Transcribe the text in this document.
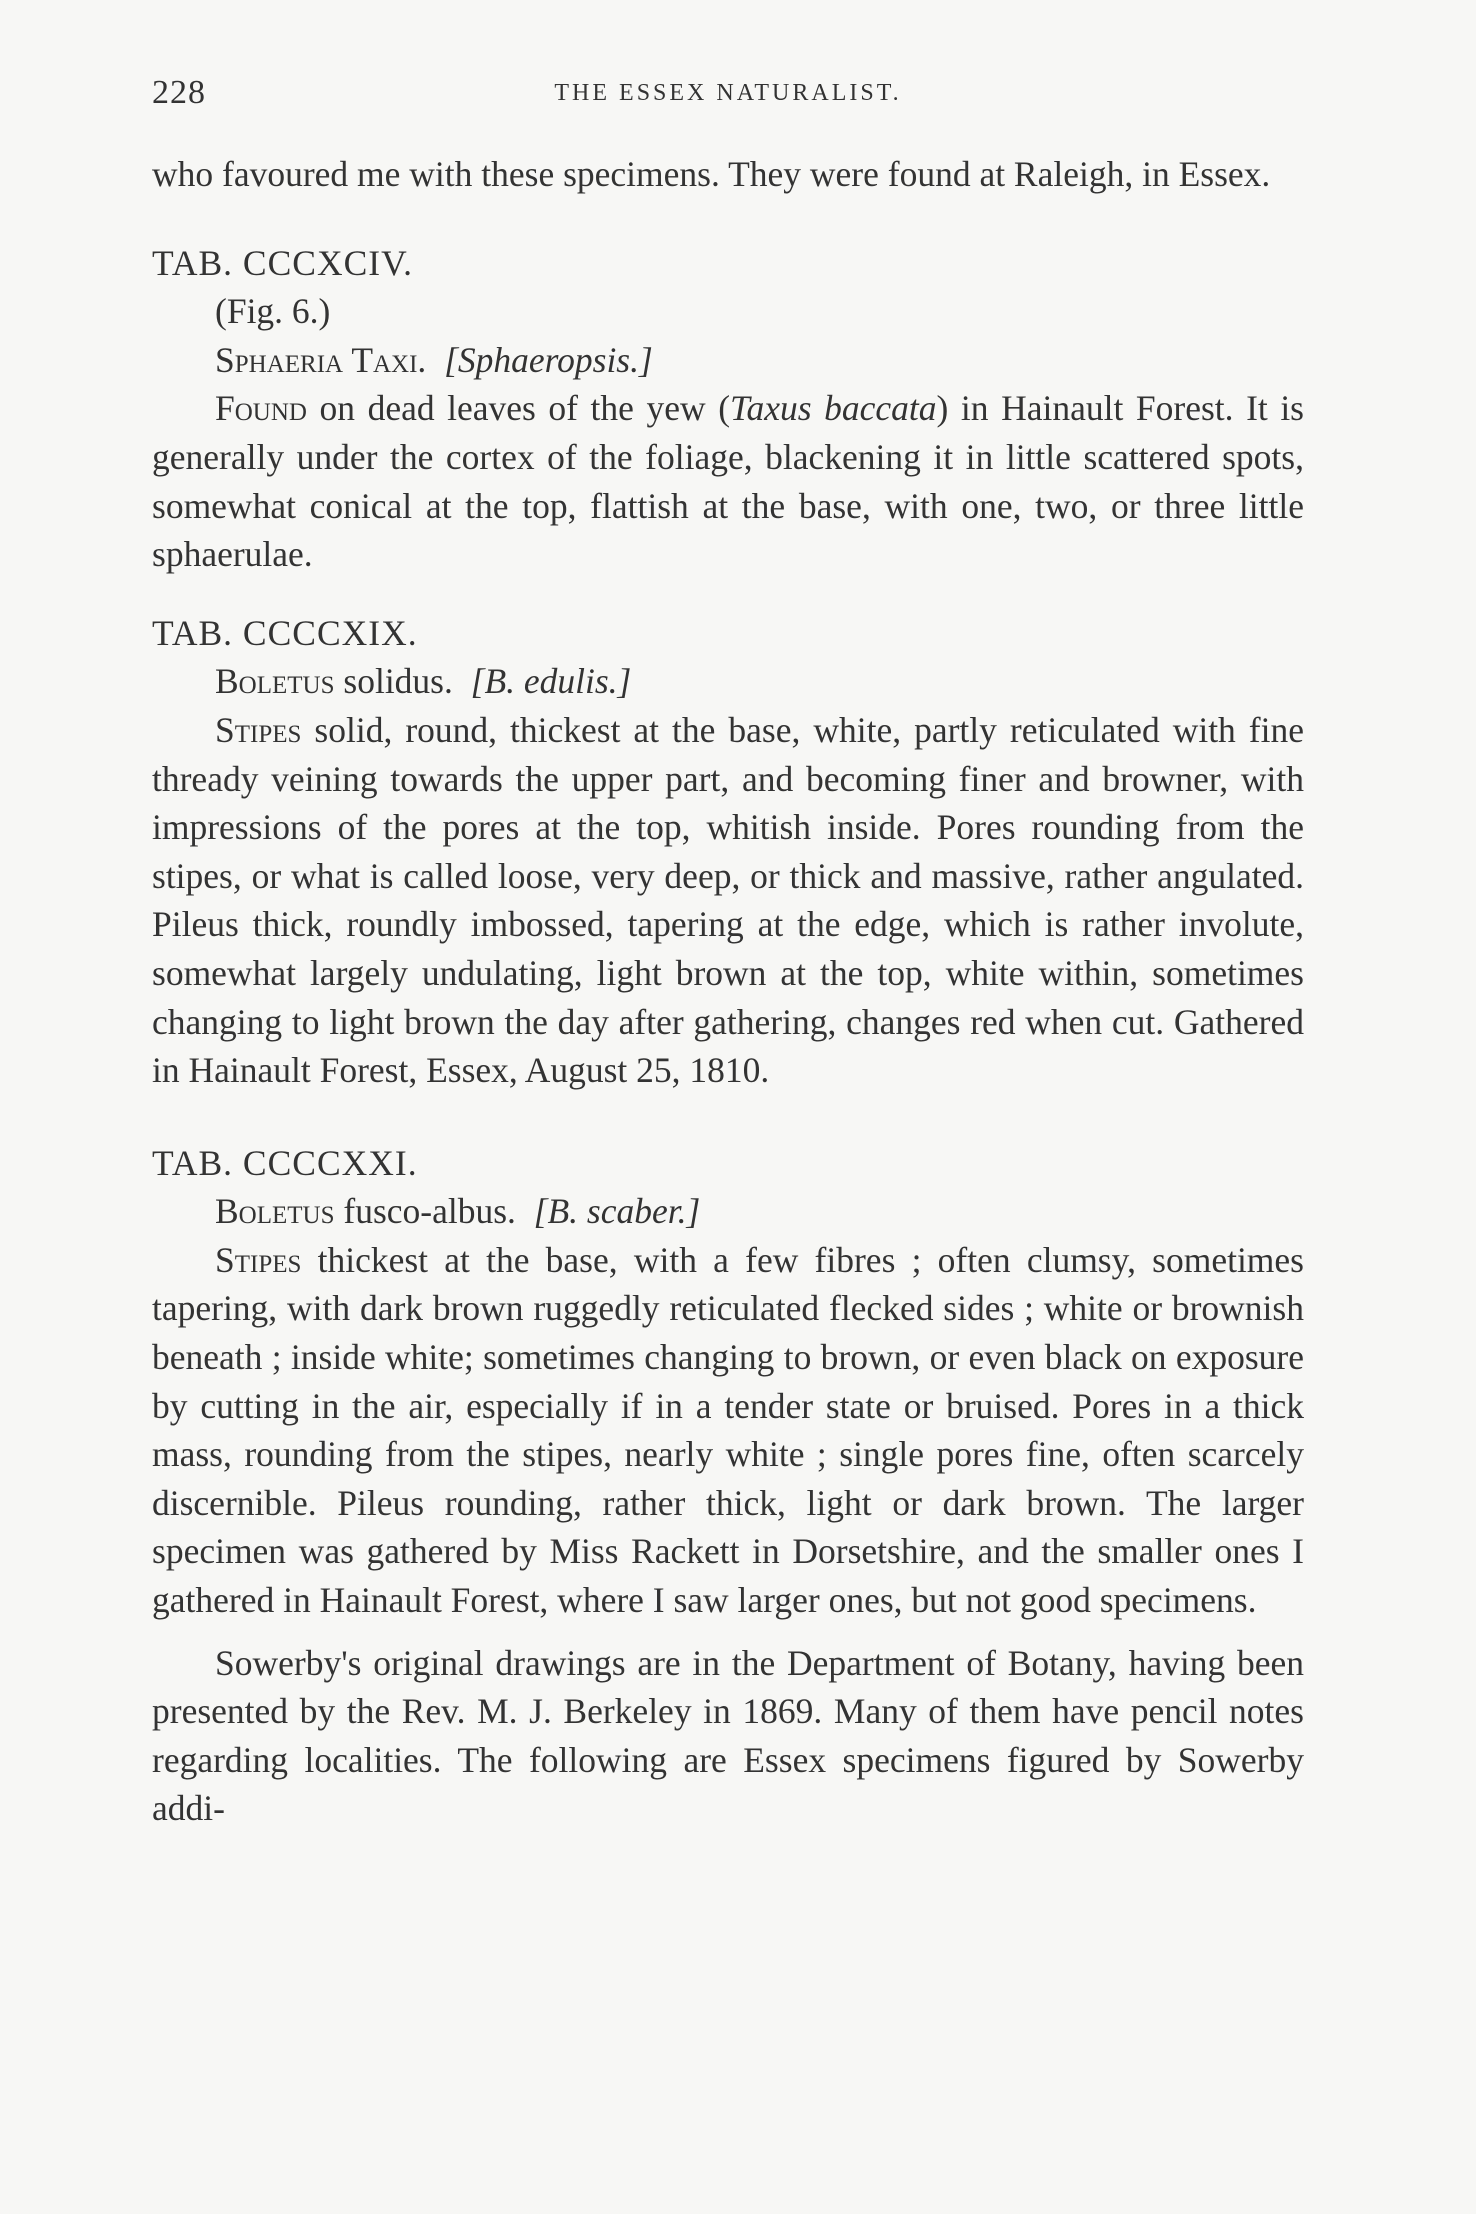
228	THE ESSEX NATURALIST.

who favoured me with these specimens. They were found at Raleigh, in Essex.

TAB. CCCXCIV.

(Fig. 6.)

Sphaeria Taxi. [Sphaeropsis.]

Found on dead leaves of the yew (Taxus baccata) in Hainault Forest. It is generally under the cortex of the foliage, blackening it in little scattered spots, somewhat conical at the top, flattish at the base, with one, two, or three little sphaerulae.

TAB. CCCCXIX.

Boletus solidus. [B. edulis.]

Stipes solid, round, thickest at the base, white, partly reticulated with fine thready veining towards the upper part, and becoming finer and browner, with impressions of the pores at the top, whitish inside. Pores rounding from the stipes, or what is called loose, very deep, or thick and massive, rather angulated. Pileus thick, roundly imbossed, tapering at the edge, which is rather involute, somewhat largely undulating, light brown at the top, white within, sometimes changing to light brown the day after gathering, changes red when cut. Gathered in Hainault Forest, Essex, August 25, 1810.

TAB. CCCCXXI.

Boletus fusco-albus. [B. scaber.]

Stipes thickest at the base, with a few fibres ; often clumsy, sometimes tapering, with dark brown ruggedly reticulated flecked sides ; white or brownish beneath ; inside white; sometimes changing to brown, or even black on exposure by cutting in the air, especially if in a tender state or bruised. Pores in a thick mass, rounding from the stipes, nearly white ; single pores fine, often scarcely discernible. Pileus rounding, rather thick, light or dark brown. The larger specimen was gathered by Miss Rackett in Dorsetshire, and the smaller ones I gathered in Hainault Forest, where I saw larger ones, but not good specimens.

Sowerby's original drawings are in the Department of Botany, having been presented by the Rev. M. J. Berkeley in 1869. Many of them have pencil notes regarding localities. The following are Essex specimens figured by Sowerby addi-
